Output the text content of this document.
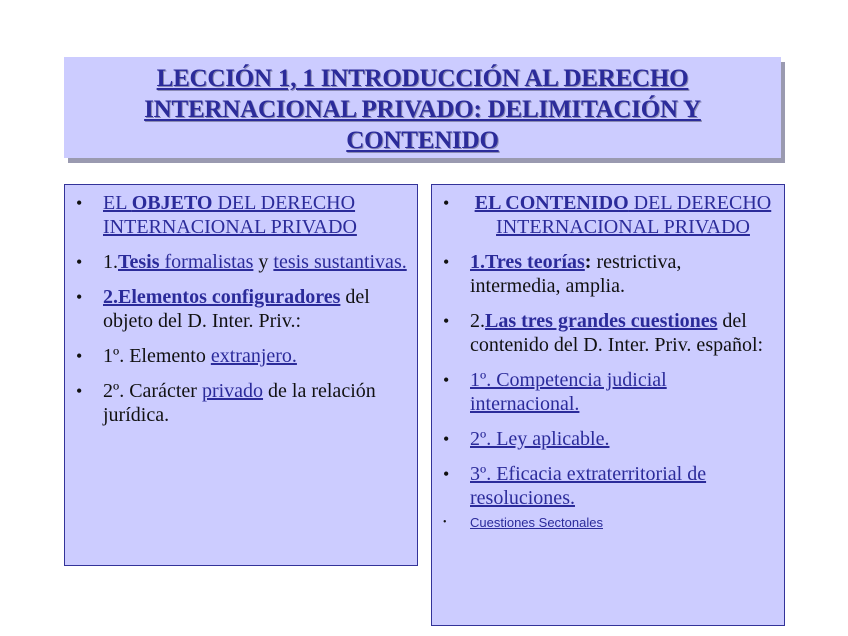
LECCIÓN 1, 1 INTRODUCCIÓN AL DERECHO
INTERNACIONAL PRIVADO: DELIMITACIÓN Y
CONTENIDO

• EL OBJETO DEL DERECHO INTERNACIONAL PRIVADO
• 1.Tesis formalistas y tesis sustantivas.
• 2.Elementos configuradores del objeto del D. Inter. Priv.:
• 1º. Elemento extranjero.
• 2º. Carácter privado de la relación jurídica.
• EL CONTENIDO DEL DERECHO INTERNACIONAL PRIVADO
• 1.Tres teorías: restrictiva, intermedia, amplia.
• 2.Las tres grandes cuestiones del contenido del D. Inter. Priv. español:
• 1º. Competencia judicial internacional.
• 2º. Ley aplicable.
• 3º. Eficacia extraterritorial de resoluciones.
• Cuestiones Sectonales
